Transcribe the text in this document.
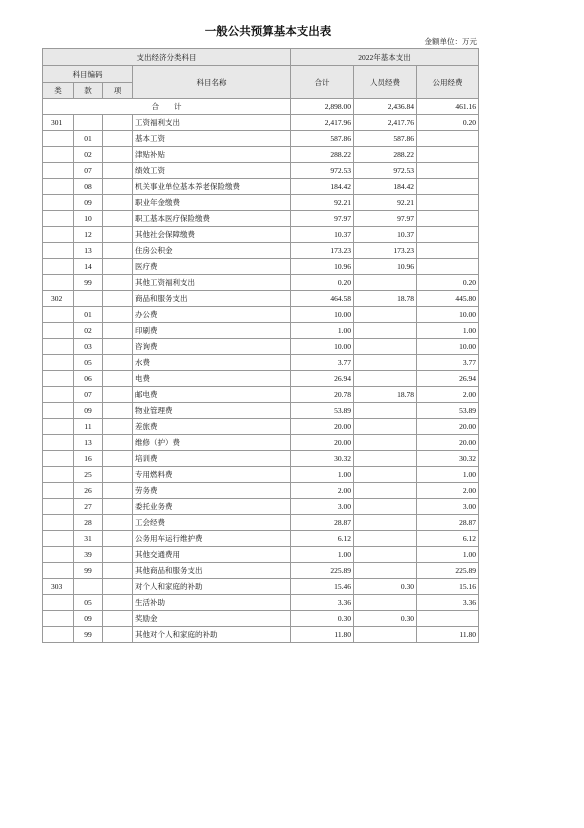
一般公共预算基本支出表
金额单位：万元
支出经济分类科目				2022年基本支出		
科目编码			科目名称	合计	人员经费	公用经费
类	款	项				
合　　计				2,898.00	2,436.84	461.16
301			工资福利支出	2,417.96	2,417.76	0.20
	01		基本工资	587.86	587.86	
	02		津贴补贴	288.22	288.22	
	07		绩效工资	972.53	972.53	
	08		机关事业单位基本养老保险缴费	184.42	184.42	
	09		职业年金缴费	92.21	92.21	
	10		职工基本医疗保险缴费	97.97	97.97	
	12		其他社会保障缴费	10.37	10.37	
	13		住房公积金	173.23	173.23	
	14		医疗费	10.96	10.96	
	99		其他工资福利支出	0.20		0.20
302			商品和服务支出	464.58	18.78	445.80
	01		办公费	10.00		10.00
	02		印刷费	1.00		1.00
	03		咨询费	10.00		10.00
	05		水费	3.77		3.77
	06		电费	26.94		26.94
	07		邮电费	20.78	18.78	2.00
	09		物业管理费	53.89		53.89
	11		差旅费	20.00		20.00
	13		维修（护）费	20.00		20.00
	16		培训费	30.32		30.32
	25		专用燃料费	1.00		1.00
	26		劳务费	2.00		2.00
	27		委托业务费	3.00		3.00
	28		工会经费	28.87		28.87
	31		公务用车运行维护费	6.12		6.12
	39		其他交通费用	1.00		1.00
	99		其他商品和服务支出	225.89		225.89
303			对个人和家庭的补助	15.46	0.30	15.16
	05		生活补助	3.36		3.36
	09		奖励金	0.30	0.30	
	99		其他对个人和家庭的补助	11.80		11.80
